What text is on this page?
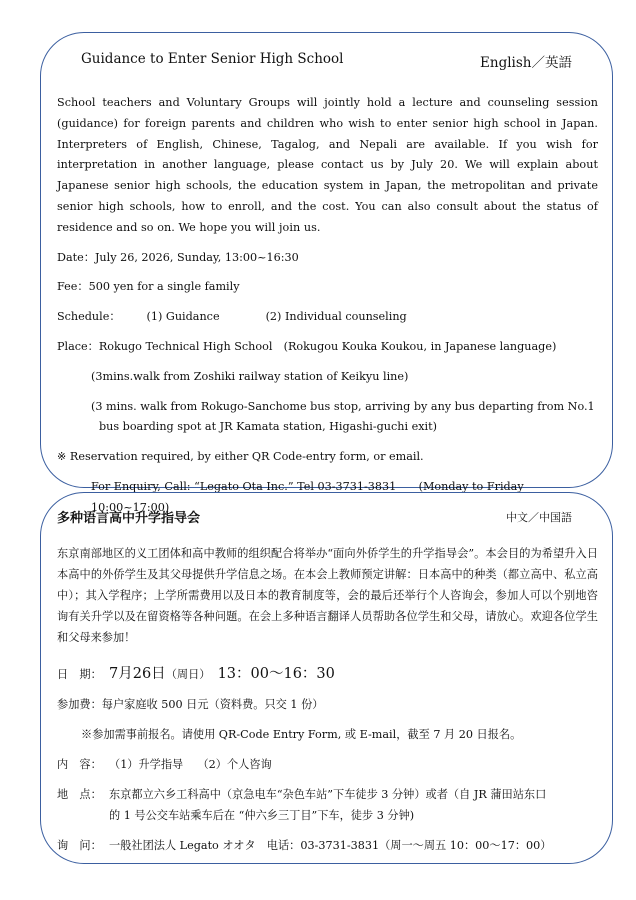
Guidance to Enter Senior High School	English／英語

School teachers and Voluntary Groups will jointly hold a lecture and counseling session (guidance) for foreign parents and children who wish to enter senior high school in Japan. Interpreters of English, Chinese, Tagalog, and Nepali are available. If you wish for interpretation in another language, please contact us by July 20. We will explain about Japanese senior high schools, the education system in Japan, the metropolitan and private senior high schools, how to enroll, and the cost. You can also consult about the status of residence and so on. We hope you will join us.

Date：July 26, 2026, Sunday, 13:00~16:30

Fee：500 yen for a single family

Schedule： (1) Guidance	(2) Individual counseling

Place：Rokugo Technical High School　(Rokugou Kouka Koukou, in Japanese language)

(3mins.walk from Zoshiki railway station of Keikyu line)

(3 mins. walk from Rokugo-Sanchome bus stop, arriving by any bus departing from No.1
bus boarding spot at JR Kamata station, Higashi-guchi exit)

※ Reservation required, by either QR Code-entry form, or email.

For Enquiry, Call: “Legato Ota Inc.” Tel 03-3731-3831　　(Monday to Friday 10:00~17:00)

多种语言高中升学指导会	中文／中国語

东京南部地区的义工团体和高中教师的组织配合将举办“面向外侨学生的升学指导会”。本会目的为希望升入日本高中的外侨学生及其父母提供升学信息之场。在本会上教师预定讲解：日本高中的种类（都立高中、私立高中）；其入学程序；上学所需费用以及日本的教育制度等，会的最后还举行个人咨询会，参加人可以个别地咨询有关升学以及在留资格等各种问题。在会上多种语言翻译人员帮助各位学生和父母，请放心。欢迎各位学生和父母来参加！

日　期： 7月26日（周日） 13：00～16：30

参加费：每户家庭收 500 日元（资料费。只交 1 份）

※参加需事前报名。请使用 QR-Code Entry Form, 或 E-mail，截至 7 月 20 日报名。

内　容： （1）升学指导 （2）个人咨询

地　点： 东京都立六乡工科高中（京急电车“杂色车站”下车徒步 3 分钟）或者（自 JR 蒲田站东口

的 1 号公交车站乘车后在 “仲六乡三丁目”下车，徒步 3 分钟)

询　问： 一般社团法人 Legato オオタ　电话：03-3731-3831（周一～周五 10：00～17：00）
